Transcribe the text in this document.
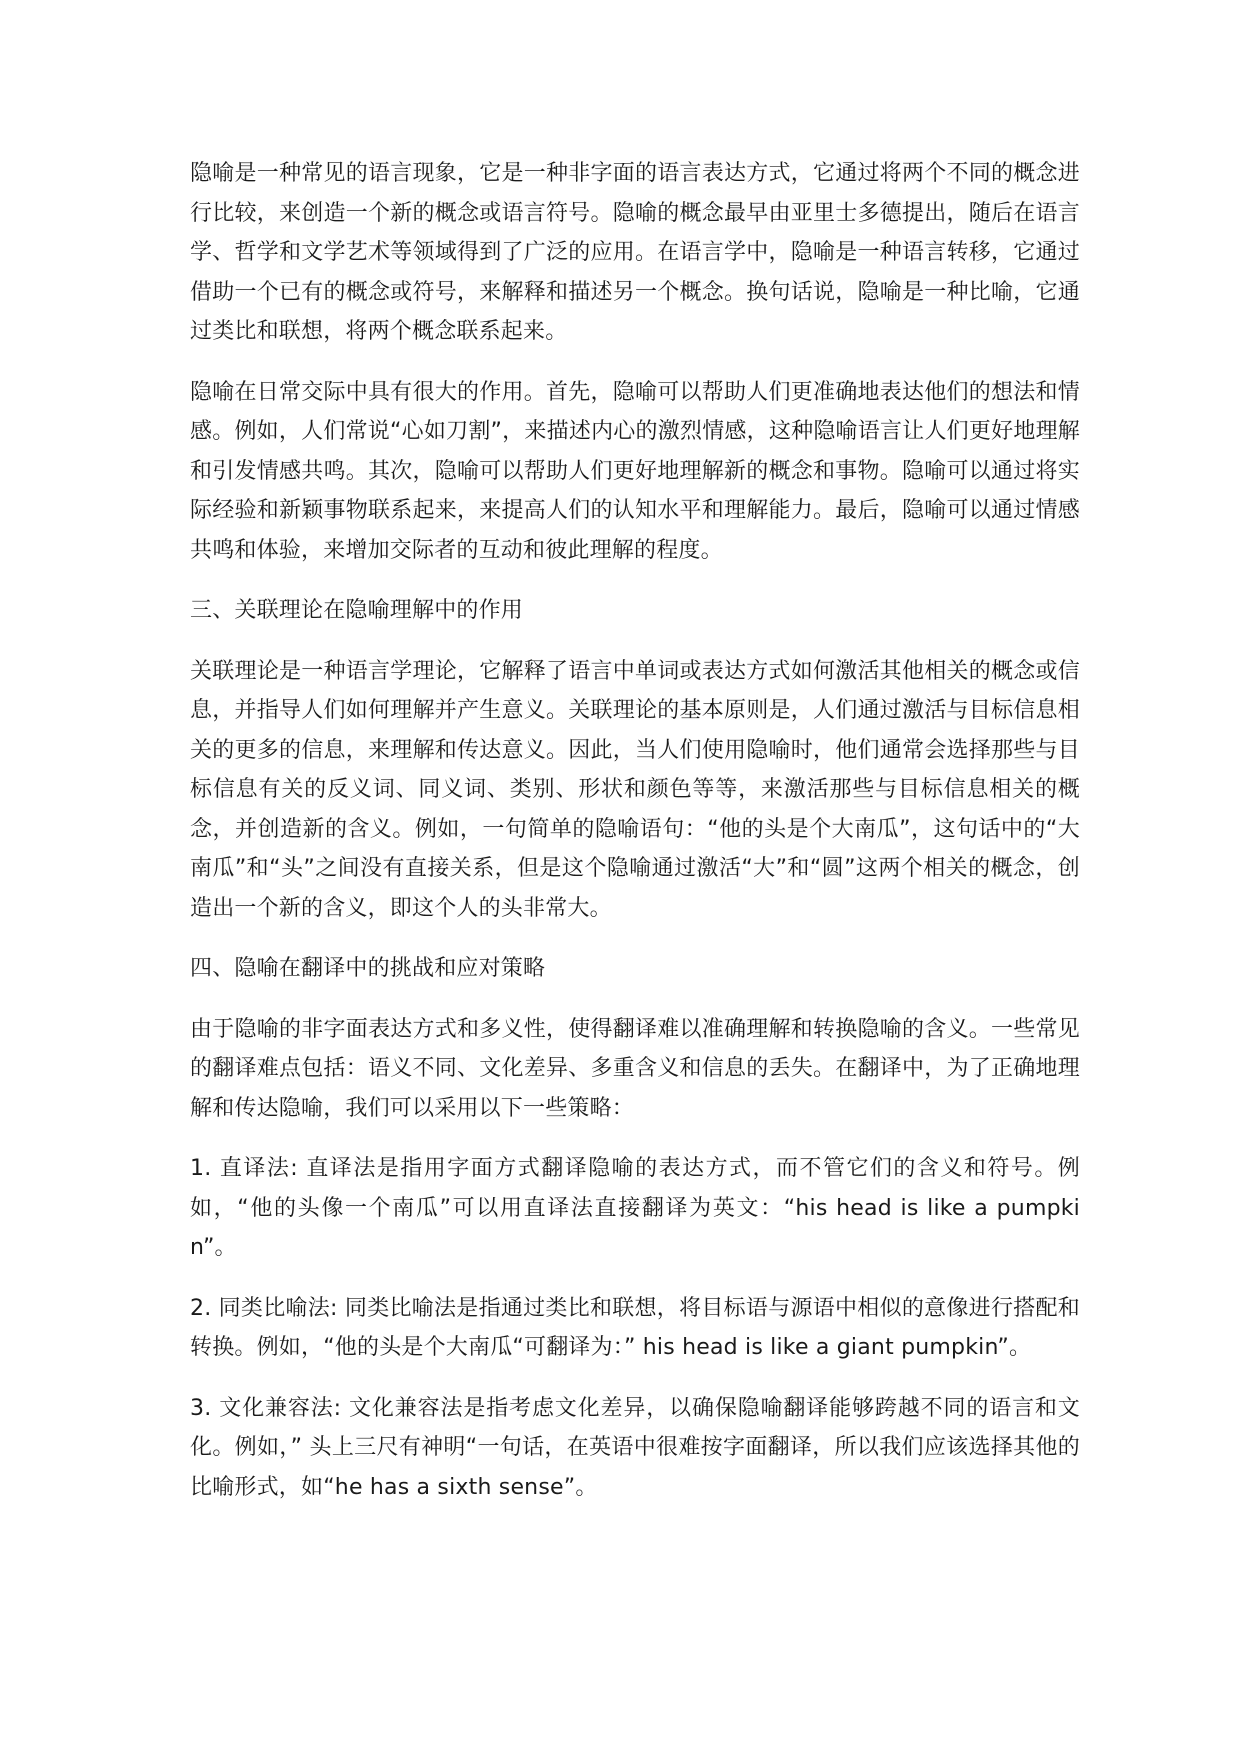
隐喻是一种常见的语言现象，它是一种非字面的语言表达方式，它通过将两个不同的概念进行比较，来创造一个新的概念或语言符号。隐喻的概念最早由亚里士多德提出，随后在语言学、哲学和文学艺术等领域得到了广泛的应用。在语言学中，隐喻是一种语言转移，它通过借助一个已有的概念或符号，来解释和描述另一个概念。换句话说，隐喻是一种比喻，它通过类比和联想，将两个概念联系起来。

隐喻在日常交际中具有很大的作用。首先，隐喻可以帮助人们更准确地表达他们的想法和情感。例如，人们常说“心如刀割”，来描述内心的激烈情感，这种隐喻语言让人们更好地理解和引发情感共鸣。其次，隐喻可以帮助人们更好地理解新的概念和事物。隐喻可以通过将实际经验和新颖事物联系起来，来提高人们的认知水平和理解能力。最后，隐喻可以通过情感共鸣和体验，来增加交际者的互动和彼此理解的程度。

三、关联理论在隐喻理解中的作用

关联理论是一种语言学理论，它解释了语言中单词或表达方式如何激活其他相关的概念或信息，并指导人们如何理解并产生意义。关联理论的基本原则是，人们通过激活与目标信息相关的更多的信息，来理解和传达意义。因此，当人们使用隐喻时，他们通常会选择那些与目标信息有关的反义词、同义词、类别、形状和颜色等等，来激活那些与目标信息相关的概念，并创造新的含义。例如，一句简单的隐喻语句：“他的头是个大南瓜”，这句话中的“大南瓜”和“头”之间没有直接关系，但是这个隐喻通过激活“大”和“圆”这两个相关的概念，创造出一个新的含义，即这个人的头非常大。

四、隐喻在翻译中的挑战和应对策略

由于隐喻的非字面表达方式和多义性，使得翻译难以准确理解和转换隐喻的含义。一些常见的翻译难点包括：语义不同、文化差异、多重含义和信息的丢失。在翻译中，为了正确地理解和传达隐喻，我们可以采用以下一些策略：

1. 直译法: 直译法是指用字面方式翻译隐喻的表达方式，而不管它们的含义和符号。例如，“他的头像一个南瓜”可以用直译法直接翻译为英文：“his head is like a pumpkin”。

2. 同类比喻法: 同类比喻法是指通过类比和联想，将目标语与源语中相似的意像进行搭配和转换。例如，“他的头是个大南瓜“可翻译为：” his head is like a giant pumpkin”。

3. 文化兼容法: 文化兼容法是指考虑文化差异，以确保隐喻翻译能够跨越不同的语言和文化。例如，” 头上三尺有神明“一句话，在英语中很难按字面翻译，所以我们应该选择其他的比喻形式，如“he has a sixth sense”。
